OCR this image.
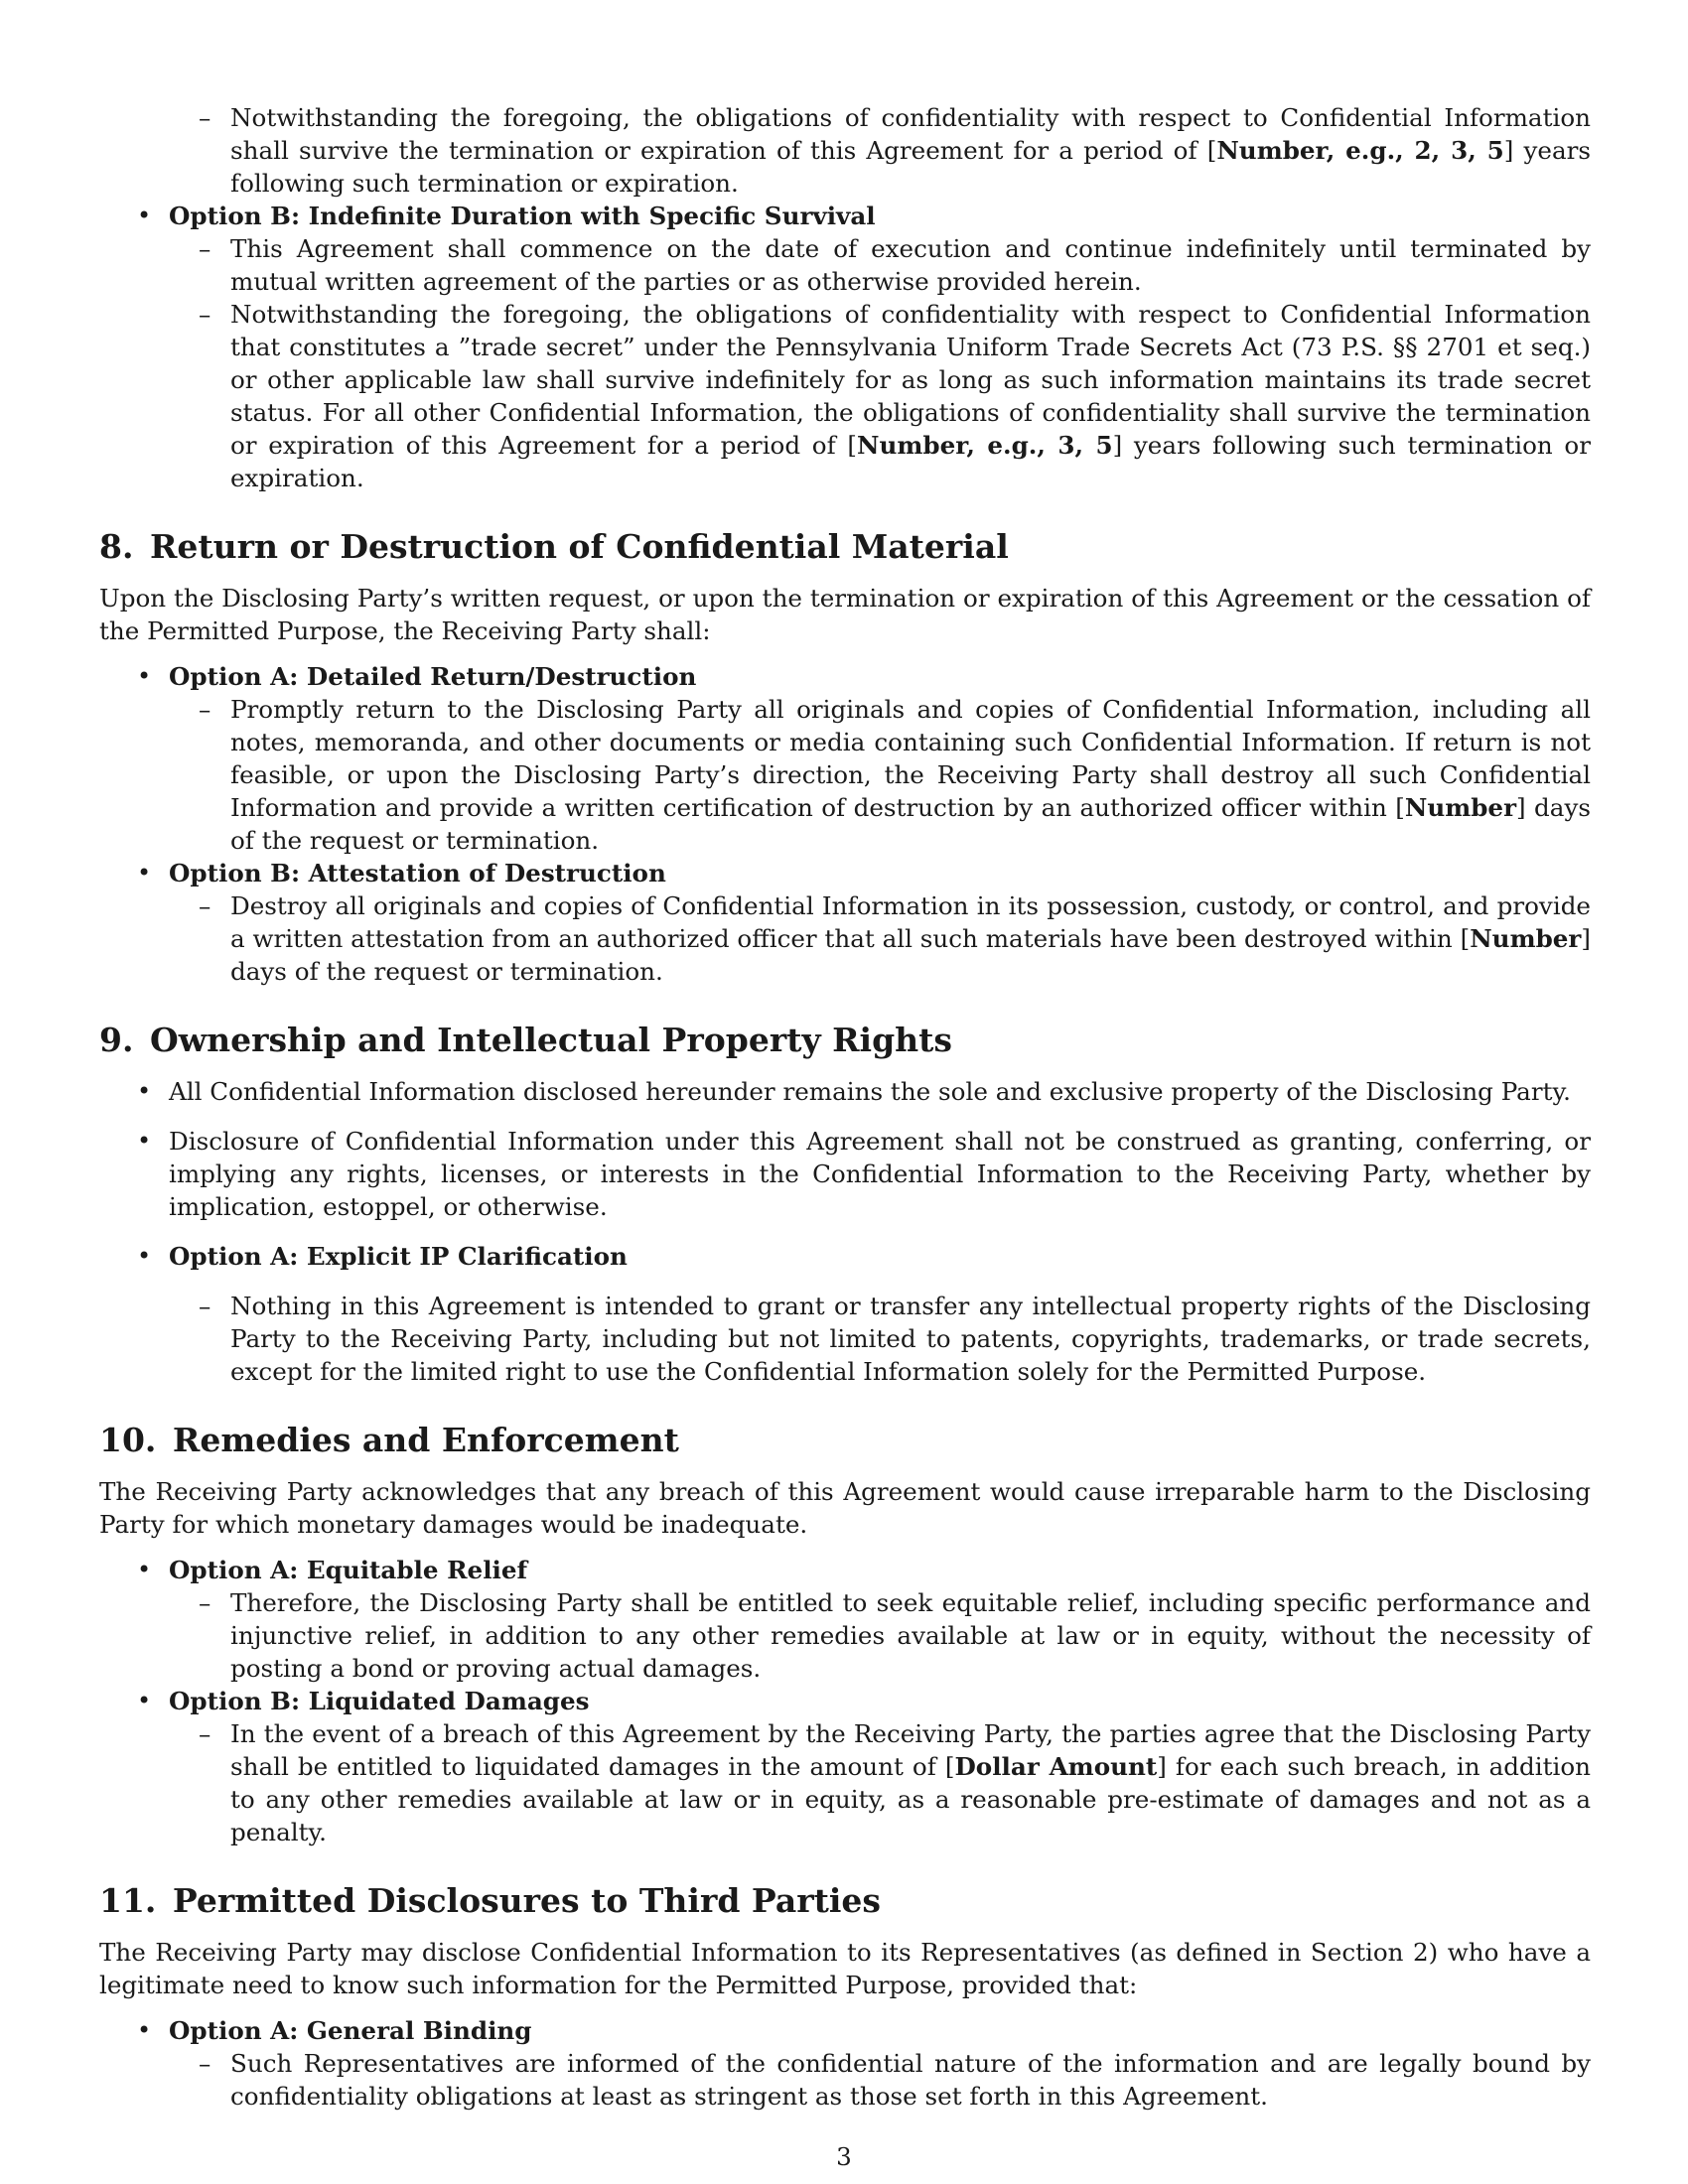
– Notwithstanding the foregoing, the obligations of confidentiality with respect to Confidential Information shall survive the termination or expiration of this Agreement for a period of [Number, e.g., 2, 3, 5] years following such termination or expiration.

• Option B: Indefinite Duration with Specific Survival

– This Agreement shall commence on the date of execution and continue indefinitely until terminated by mutual written agreement of the parties or as otherwise provided herein.

– Notwithstanding the foregoing, the obligations of confidentiality with respect to Confidential Information that constitutes a ”trade secret” under the Pennsylvania Uniform Trade Secrets Act (73 P.S. §§ 2701 et seq.) or other applicable law shall survive indefinitely for as long as such information maintains its trade secret status. For all other Confidential Information, the obligations of confidentiality shall survive the termination or expiration of this Agreement for a period of [Number, e.g., 3, 5] years following such termination or expiration.

8. Return or Destruction of Confidential Material

Upon the Disclosing Party’s written request, or upon the termination or expiration of this Agreement or the cessation of the Permitted Purpose, the Receiving Party shall:

• Option A: Detailed Return/Destruction

– Promptly return to the Disclosing Party all originals and copies of Confidential Information, including all notes, memoranda, and other documents or media containing such Confidential Information. If return is not feasible, or upon the Disclosing Party’s direction, the Receiving Party shall destroy all such Confidential Information and provide a written certification of destruction by an authorized officer within [Number] days of the request or termination.

• Option B: Attestation of Destruction

– Destroy all originals and copies of Confidential Information in its possession, custody, or control, and provide a written attestation from an authorized officer that all such materials have been destroyed within [Number] days of the request or termination.

9. Ownership and Intellectual Property Rights

• All Confidential Information disclosed hereunder remains the sole and exclusive property of the Disclosing Party.

• Disclosure of Confidential Information under this Agreement shall not be construed as granting, conferring, or implying any rights, licenses, or interests in the Confidential Information to the Receiving Party, whether by implication, estoppel, or otherwise.

• Option A: Explicit IP Clarification

– Nothing in this Agreement is intended to grant or transfer any intellectual property rights of the Disclosing Party to the Receiving Party, including but not limited to patents, copyrights, trademarks, or trade secrets, except for the limited right to use the Confidential Information solely for the Permitted Purpose.

10. Remedies and Enforcement

The Receiving Party acknowledges that any breach of this Agreement would cause irreparable harm to the Disclosing Party for which monetary damages would be inadequate.

• Option A: Equitable Relief

– Therefore, the Disclosing Party shall be entitled to seek equitable relief, including specific performance and injunctive relief, in addition to any other remedies available at law or in equity, without the necessity of posting a bond or proving actual damages.

• Option B: Liquidated Damages

– In the event of a breach of this Agreement by the Receiving Party, the parties agree that the Disclosing Party shall be entitled to liquidated damages in the amount of [Dollar Amount] for each such breach, in addition to any other remedies available at law or in equity, as a reasonable pre-estimate of damages and not as a penalty.

11. Permitted Disclosures to Third Parties

The Receiving Party may disclose Confidential Information to its Representatives (as defined in Section 2) who have a legitimate need to know such information for the Permitted Purpose, provided that:

• Option A: General Binding

– Such Representatives are informed of the confidential nature of the information and are legally bound by confidentiality obligations at least as stringent as those set forth in this Agreement.

3
